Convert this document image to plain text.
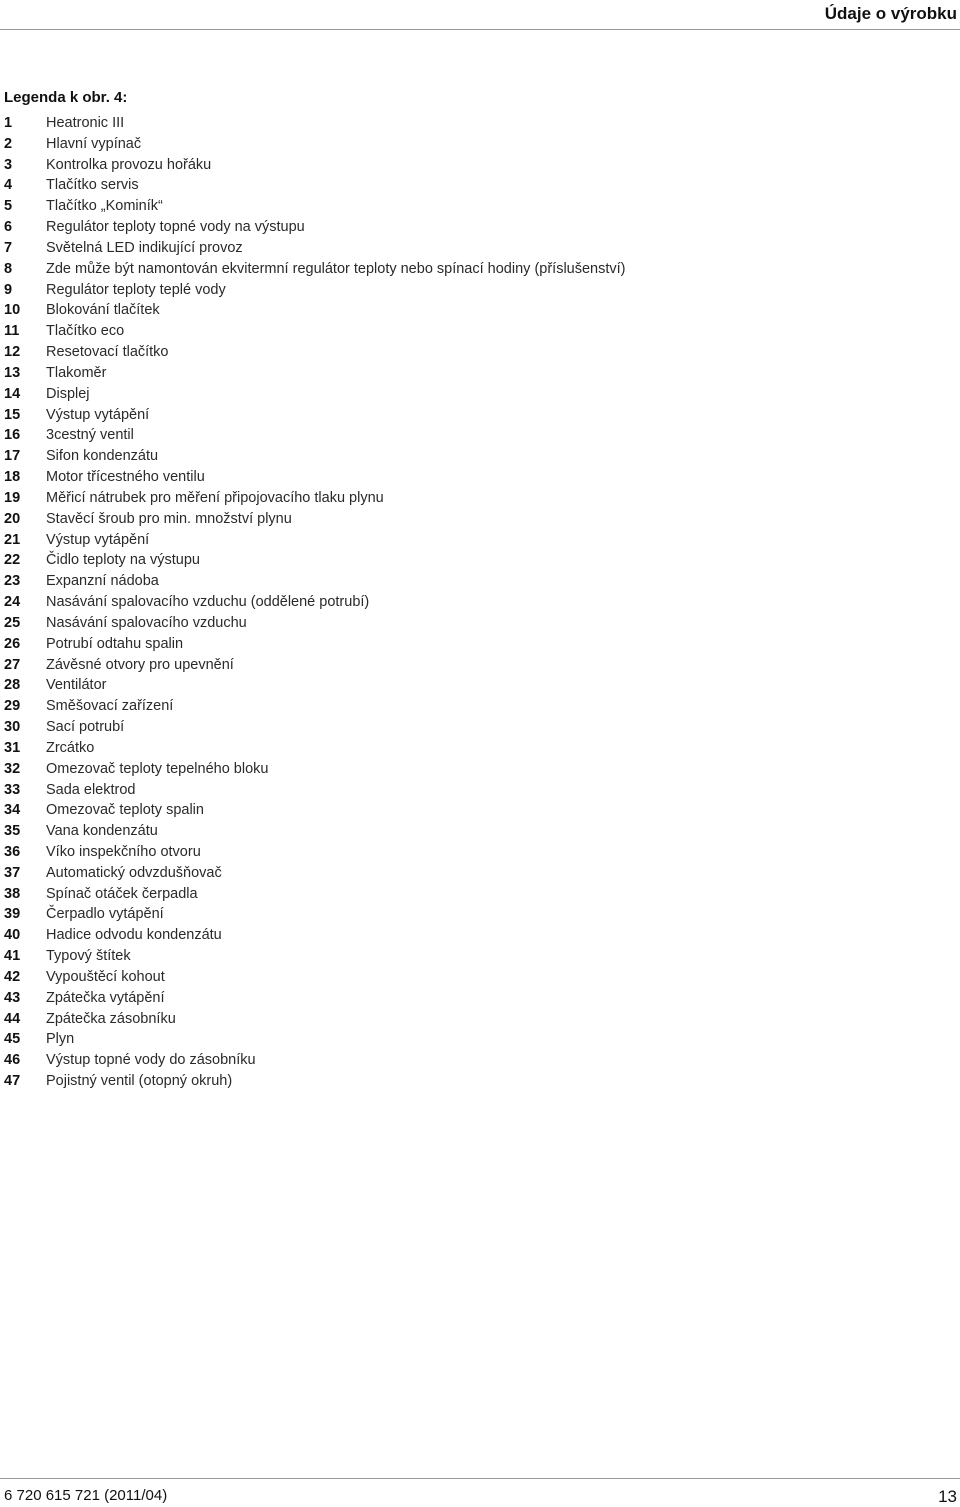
Údaje o výrobku
Legenda k obr. 4:
1	Heatronic III
2	Hlavní vypínač
3	Kontrolka provozu hořáku
4	Tlačítko servis
5	Tlačítko „Kominík“
6	Regulátor teploty topné vody na výstupu
7	Světelná LED indikující provoz
8	Zde může být namontován ekvitermní regulátor teploty nebo spínací hodiny (příslušenství)
9	Regulátor teploty teplé vody
10	Blokování tlačítek
11	Tlačítko eco
12	Resetovací tlačítko
13	Tlakoměr
14	Displej
15	Výstup vytápění
16	3cestný ventil
17	Sifon kondenzátu
18	Motor třícestného ventilu
19	Měřicí nátrubek pro měření připojovacího tlaku plynu
20	Stavěcí šroub pro min. množství plynu
21	Výstup vytápění
22	Čidlo teploty na výstupu
23	Expanzní nádoba
24	Nasávání spalovacího vzduchu (oddělené potrubí)
25	Nasávání spalovacího vzduchu
26	Potrubí odtahu spalin
27	Závěsné otvory pro upevnění
28	Ventilátor
29	Směšovací zařízení
30	Sací potrubí
31	Zrcátko
32	Omezovač teploty tepelného bloku
33	Sada elektrod
34	Omezovač teploty spalin
35	Vana kondenzátu
36	Víko inspekčního otvoru
37	Automatický odvzdušňovač
38	Spínač otáček čerpadla
39	Čerpadlo vytápění
40	Hadice odvodu kondenzátu
41	Typový štítek
42	Vypouštěcí kohout
43	Zpátečka vytápění
44	Zpátečka zásobníku
45	Plyn
46	Výstup topné vody do zásobníku
47	Pojistný ventil (otopný okruh)
6 720 615 721 (2011/04)	13
